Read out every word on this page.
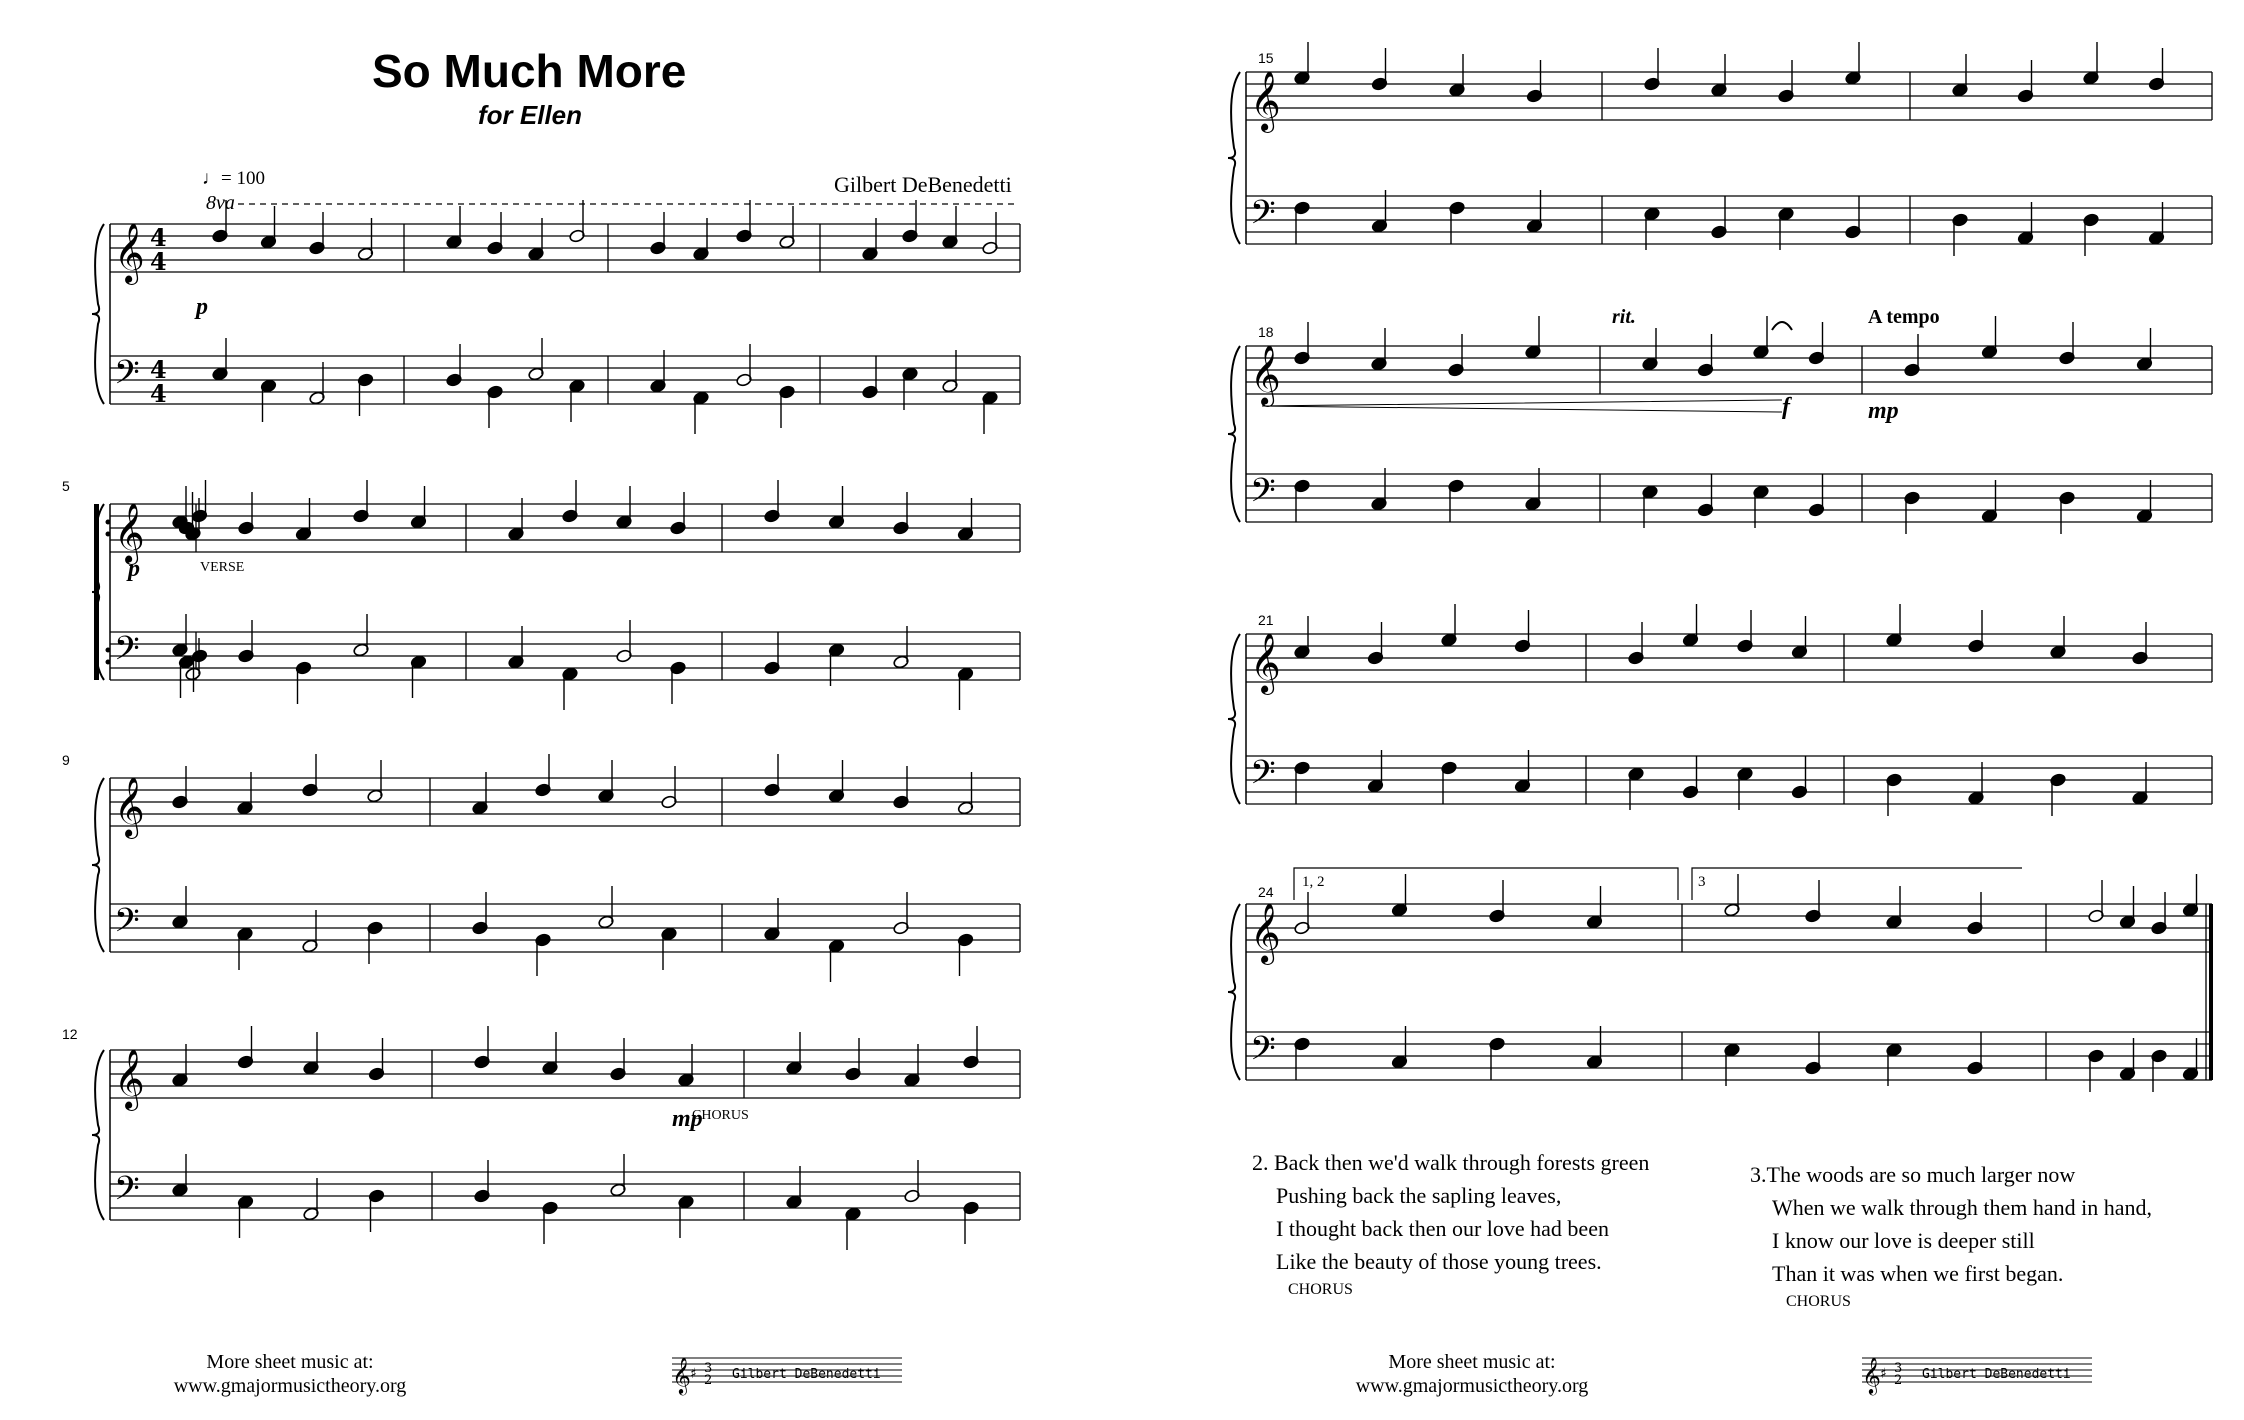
So Much More
for Ellen
Gilbert DeBenedetti
♩= 100
8va
𝄞
𝄢
4
4
4
4
𝄞
𝄢
𝄞
𝄢
𝄞
𝄢
5
9
12
p
p
mp
VERSE
CHORUS
More sheet music at:
www.gmajormusictheory.org	𝄞 ♯ 3
2 Gilbert DeBenedetti
𝄞
𝄢
𝄞
𝄢
𝄞
𝄢
𝄞
𝄢
15
18
21
24
1, 2	3
rit.	A tempo
f	mp
2. Back then we'd walk through forests green
Pushing back the sapling leaves,
I thought back then our love had been
Like the beauty of those young trees.
CHORUS
3.The woods are so much larger now
When we walk through them hand in hand,
I know our love is deeper still
Than it was when we first began.
CHORUS
More sheet music at:
www.gmajormusictheory.org	𝄞 ♯ 3
2 Gilbert DeBenedetti
